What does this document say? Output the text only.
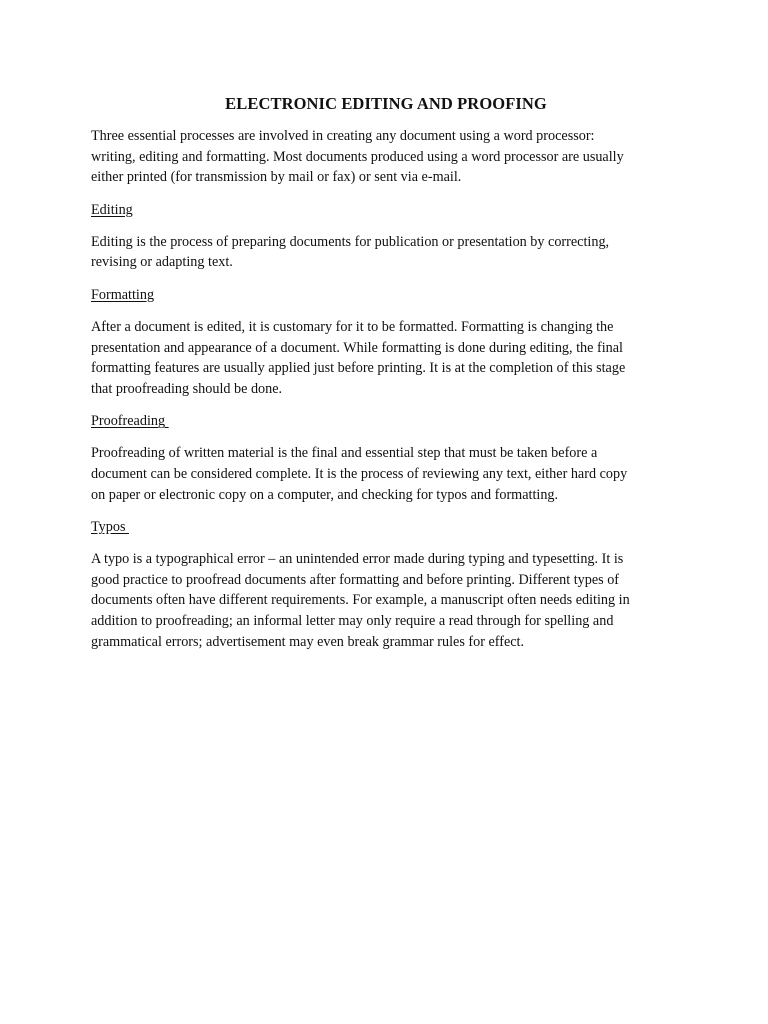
ELECTRONIC EDITING AND PROOFING

Three essential processes are involved in creating any document using a word processor:
writing, editing and formatting. Most documents produced using a word processor are usually
either printed (for transmission by mail or fax) or sent via e-mail.

Editing

Editing is the process of preparing documents for publication or presentation by correcting,
revising or adapting text.

Formatting

After a document is edited, it is customary for it to be formatted. Formatting is changing the
presentation and appearance of a document. While formatting is done during editing, the final
formatting features are usually applied just before printing. It is at the completion of this stage
that proofreading should be done.

Proofreading

Proofreading of written material is the final and essential step that must be taken before a
document can be considered complete. It is the process of reviewing any text, either hard copy
on paper or electronic copy on a computer, and checking for typos and formatting.

Typos

A typo is a typographical error – an unintended error made during typing and typesetting. It is
good practice to proofread documents after formatting and before printing. Different types of
documents often have different requirements. For example, a manuscript often needs editing in
addition to proofreading; an informal letter may only require a read through for spelling and
grammatical errors; advertisement may even break grammar rules for effect.
